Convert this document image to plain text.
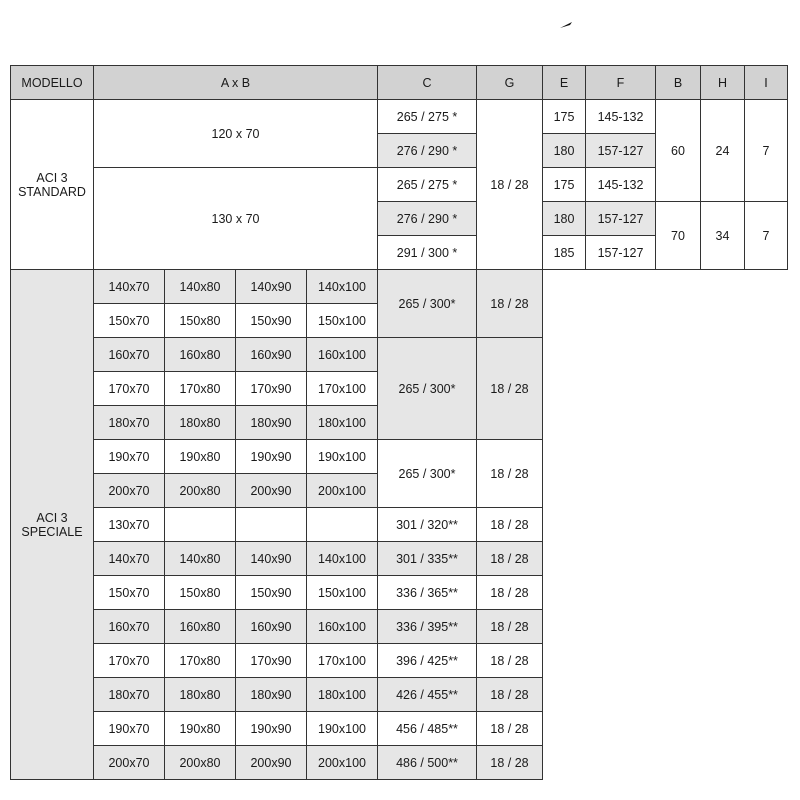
MODELLO	A x B				C	G	E	F	B	H	I
ACI 3
STANDARD	120 x 70				265 / 275 *	18 / 28	175	145-132	60	24	7
					276 / 290 *		180	157-127			
	130 x 70				265 / 275 *		175	145-132			
					276 / 290 *		180	157-127	70	34	7
					291 / 300 *		185	157-127			
ACI 3
SPECIALE	140x70	140x80	140x90	140x100	265 / 300*	18 / 28					
	150x70	150x80	150x90	150x100							
	160x70	160x80	160x90	160x100	265 / 300*	18 / 28					
	170x70	170x80	170x90	170x100							
	180x70	180x80	180x90	180x100							
	190x70	190x80	190x90	190x100	265 / 300*	18 / 28					
	200x70	200x80	200x90	200x100							
	130x70				301 / 320**	18 / 28					
	140x70	140x80	140x90	140x100	301 / 335**	18 / 28					
	150x70	150x80	150x90	150x100	336 / 365**	18 / 28					
	160x70	160x80	160x90	160x100	336 / 395**	18 / 28					
	170x70	170x80	170x90	170x100	396 / 425**	18 / 28					
	180x70	180x80	180x90	180x100	426 / 455**	18 / 28					
	190x70	190x80	190x90	190x100	456 / 485**	18 / 28					
	200x70	200x80	200x90	200x100	486 / 500**	18 / 28					
